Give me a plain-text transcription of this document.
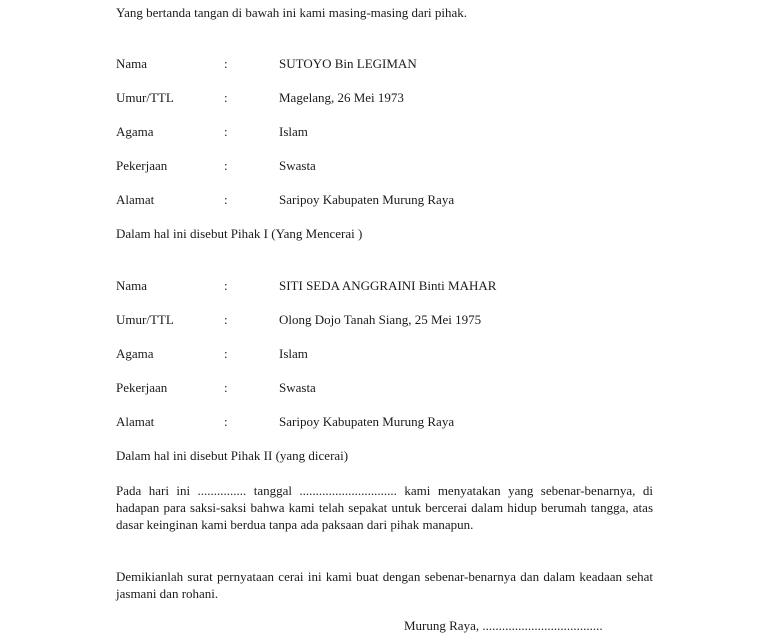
Yang bertanda tangan di bawah ini kami masing-masing dari pihak.
Nama	:	SUTOYO Bin LEGIMAN
Umur/TTL	:	Magelang, 26 Mei 1973
Agama	:	Islam
Pekerjaan	:	Swasta
Alamat	:	Saripoy Kabupaten Murung Raya
Dalam hal ini disebut Pihak I (Yang Mencerai )
Nama	:	SITI SEDA ANGGRAINI Binti MAHAR
Umur/TTL	:	Olong Dojo Tanah Siang, 25 Mei 1975
Agama	:	Islam
Pekerjaan	:	Swasta
Alamat	:	Saripoy Kabupaten Murung Raya
Dalam hal ini disebut Pihak II (yang dicerai)

Pada hari ini ............... tanggal .............................. kami menyatakan yang sebenar-benarnya, di hadapan para saksi-saksi bahwa kami telah sepakat untuk bercerai dalam hidup berumah tangga, atas dasar keinginan kami berdua tanpa ada paksaan dari pihak manapun.

Demikianlah surat pernyataan cerai ini kami buat dengan sebenar-benarnya dan dalam keadaan sehat jasmani dan rohani.

Murung Raya, .....................................
